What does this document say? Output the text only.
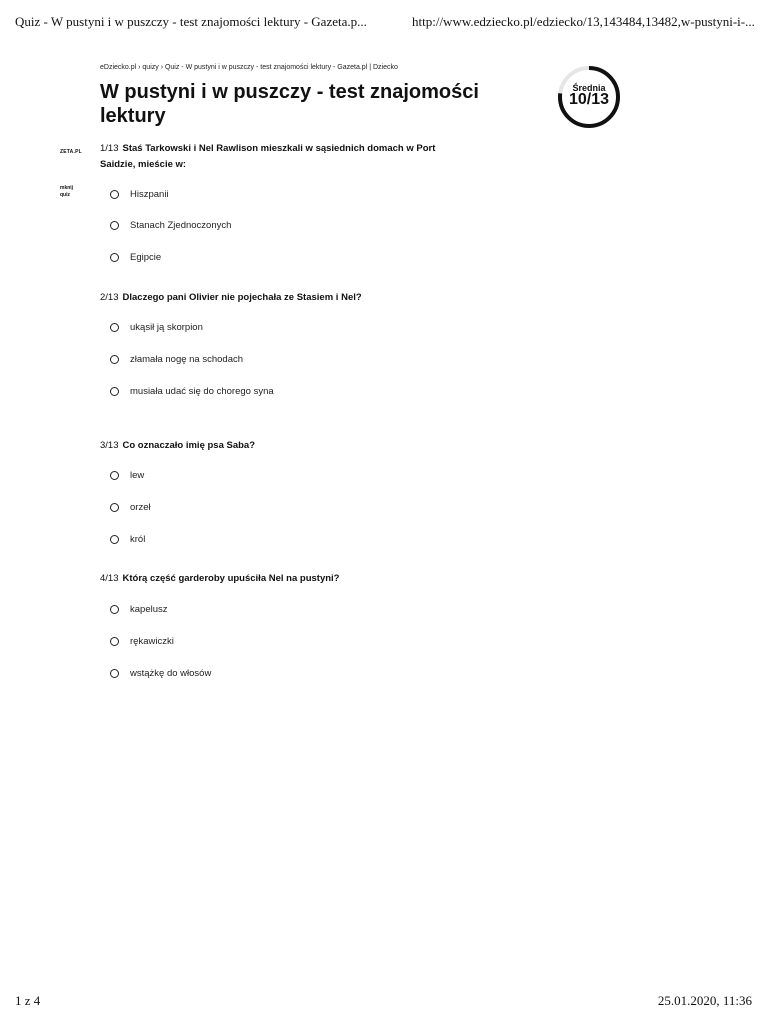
Quiz - W pustyni i w puszczy - test znajomości lektury - Gazeta.p...	http://www.edziecko.pl/edziecko/13,143484,13482,w-pustyni-i-...
eDziecko.pl › quizy › Quiz - W pustyni i w puszczy - test znajomości lektury - Gazeta.pl | Dziecko
W pustyni i w puszczy - test znajomości lektury
Średnia
10/13
ZETA.PL
mknij
quiz
1/13 Staś Tarkowski i Nel Rawlison mieszkali w sąsiednich domach w Port Saidzie, mieście w:
Hiszpanii
Stanach Zjednoczonych
Egipcie
2/13 Dlaczego pani Olivier nie pojechała ze Stasiem i Nel?
ukąsił ją skorpion
złamała nogę na schodach
musiała udać się do chorego syna
3/13 Co oznaczało imię psa Saba?
lew
orzeł
król
4/13 Którą część garderoby upuściła Nel na pustyni?
kapelusz
rękawiczki
wstążkę do włosów
1 z 4	25.01.2020, 11:36
